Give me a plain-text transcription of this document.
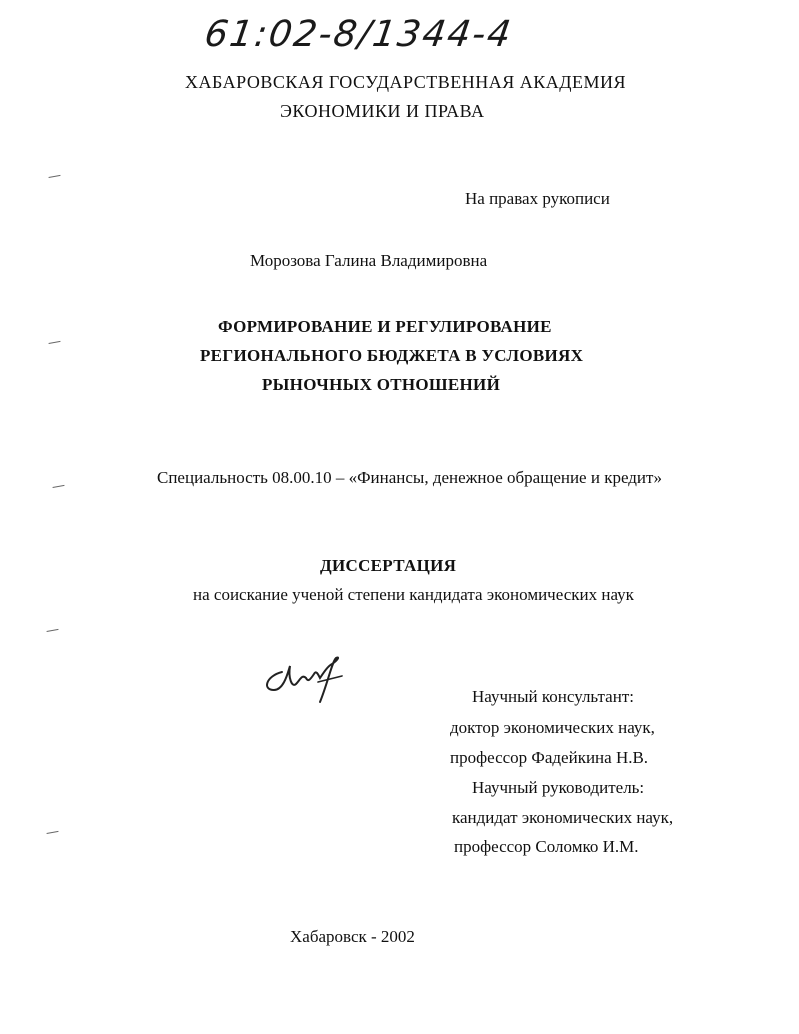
61:02-8/1344-4
ХАБАРОВСКАЯ ГОСУДАРСТВЕННАЯ АКАДЕМИЯ
ЭКОНОМИКИ И ПРАВА
На правах рукописи
Морозова Галина Владимировна
ФОРМИРОВАНИЕ И РЕГУЛИРОВАНИЕ
РЕГИОНАЛЬНОГО БЮДЖЕТА В УСЛОВИЯХ
РЫНОЧНЫХ ОТНОШЕНИЙ
Специальность 08.00.10 – «Финансы, денежное обращение и кредит»
ДИССЕРТАЦИЯ
на соискание ученой степени кандидата экономических наук
Научный консультант:
доктор экономических наук,
профессор Фадейкина Н.В.
Научный руководитель:
кандидат экономических наук,
профессор Соломко И.М.
Хабаровск - 2002
